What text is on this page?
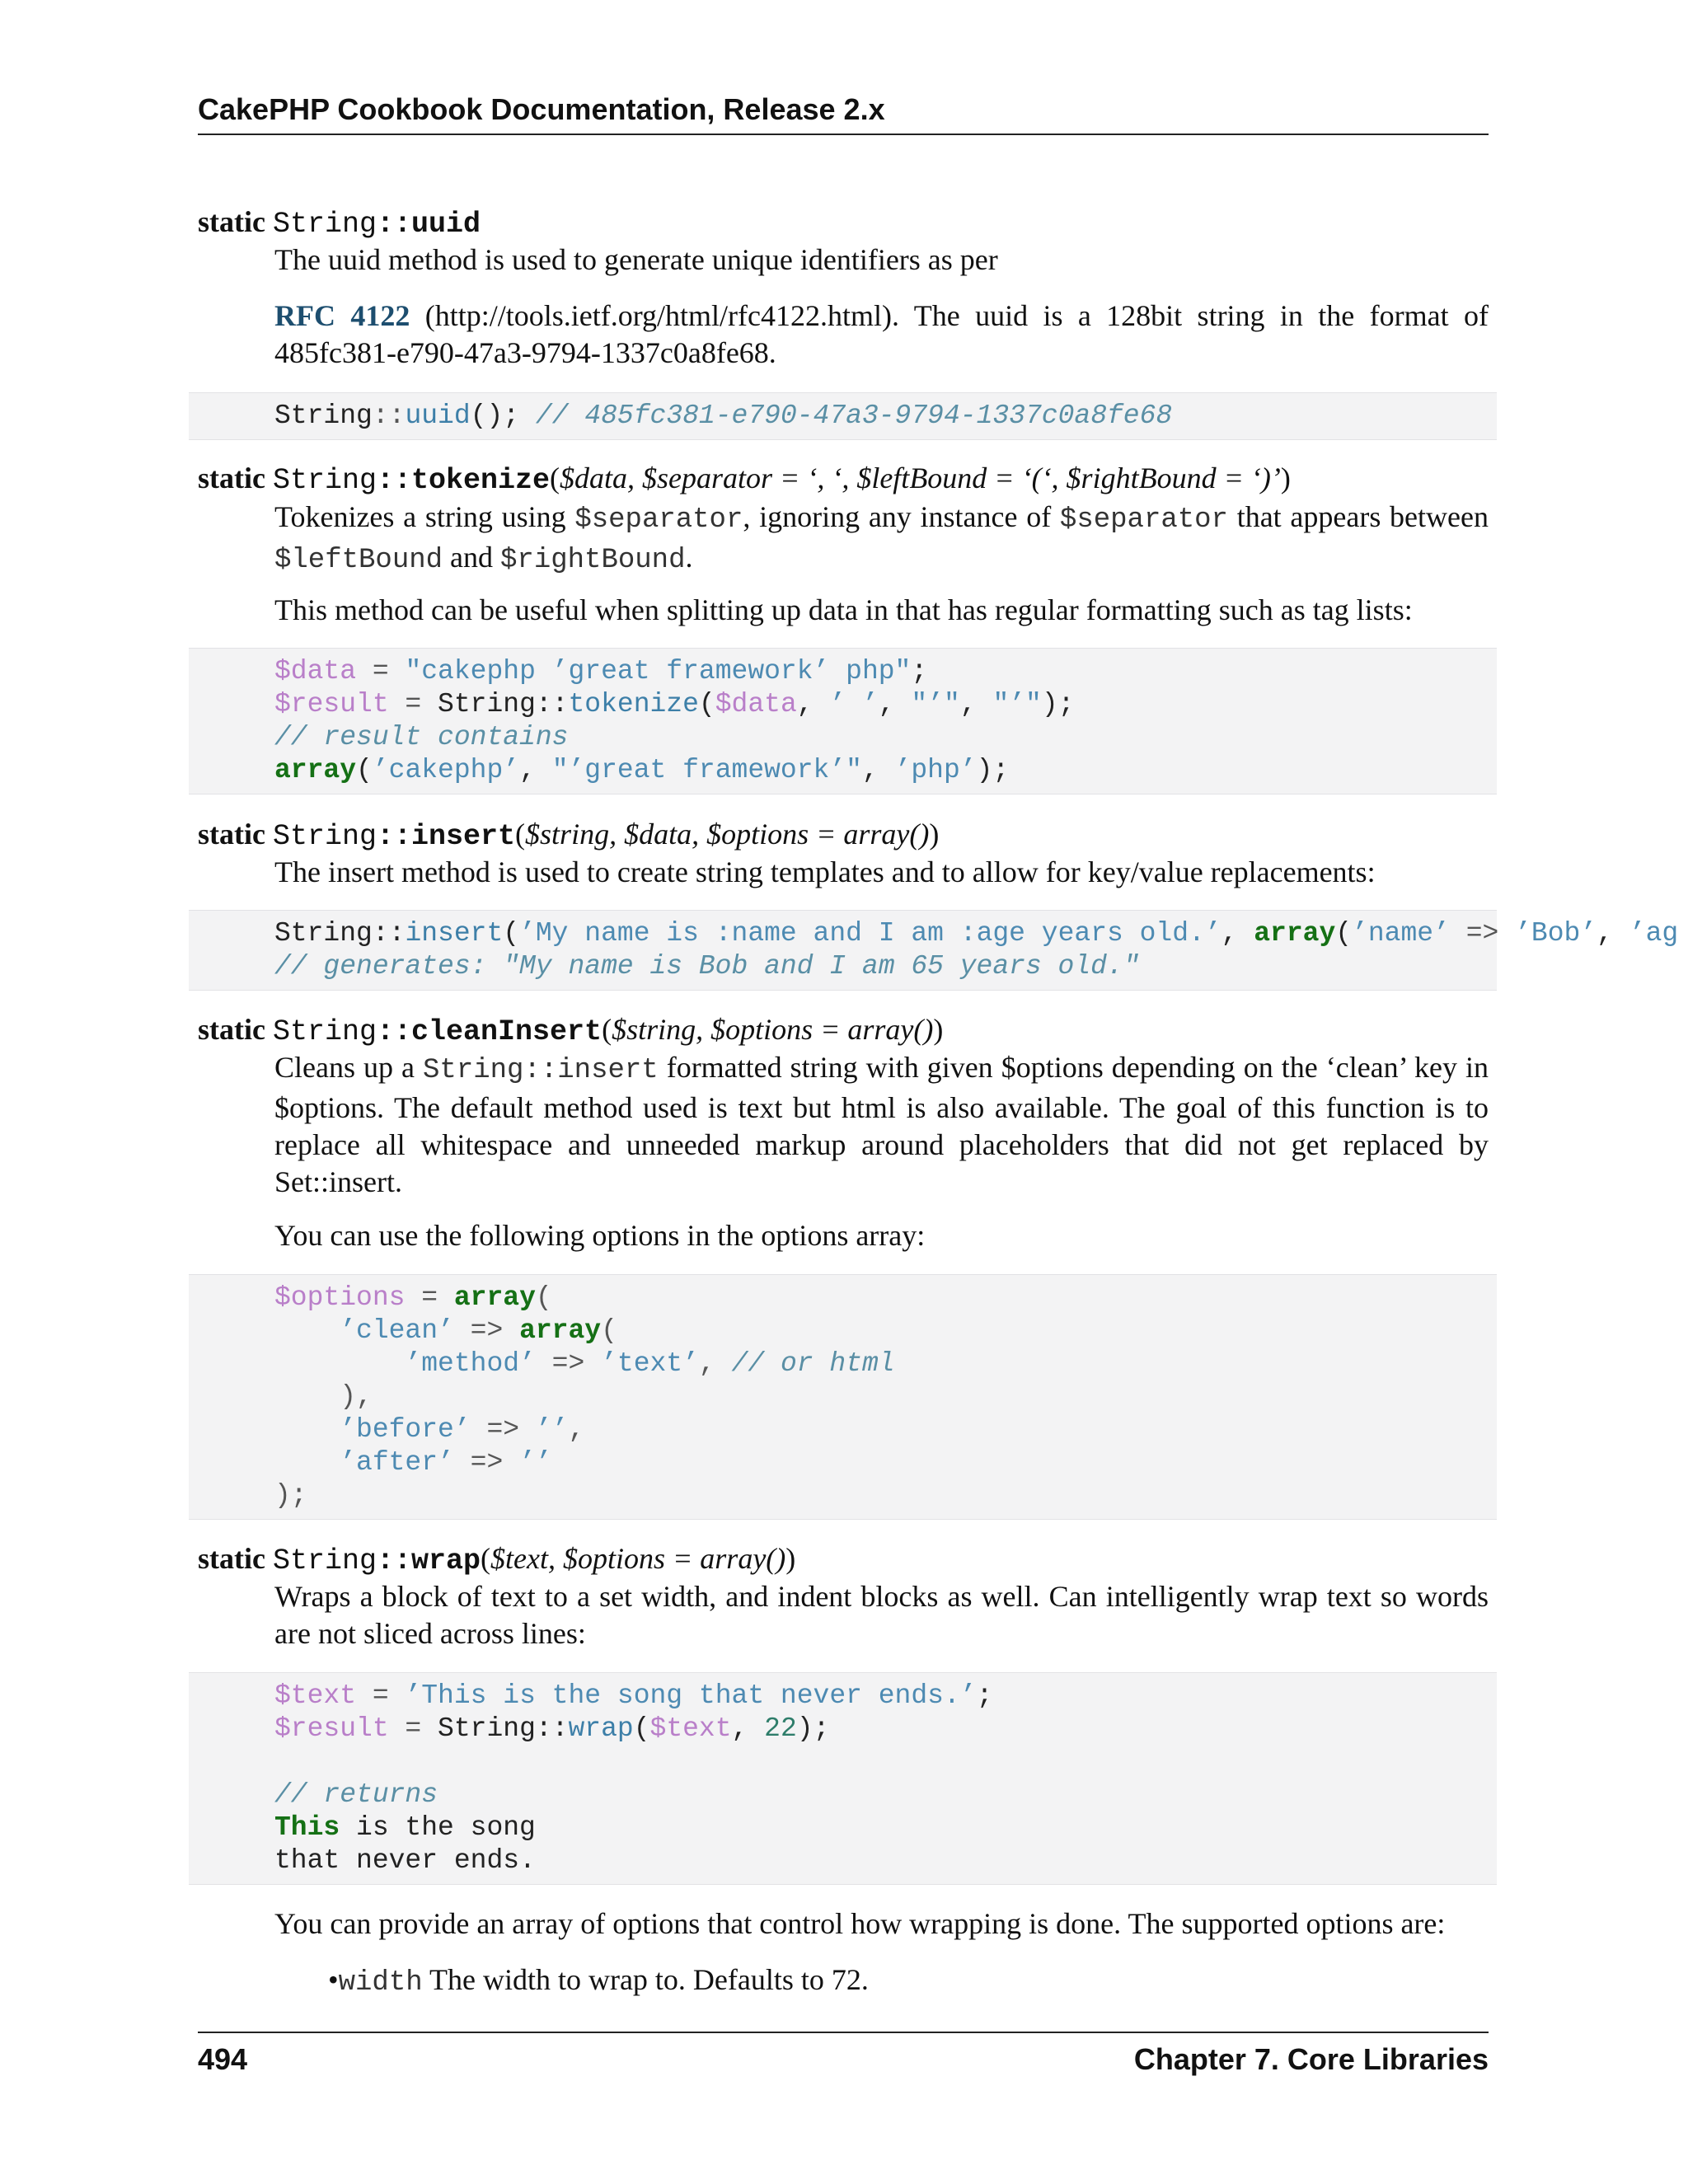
CakePHP Cookbook Documentation, Release 2.x
static String::uuid
The uuid method is used to generate unique identifiers as per
RFC 4122 (http://tools.ietf.org/html/rfc4122.html). The uuid is a 128bit string in the format of 485fc381-e790-47a3-9794-1337c0a8fe68.
String::uuid(); // 485fc381-e790-47a3-9794-1337c0a8fe68
static String::tokenize($data, $separator = ‘, ‘, $leftBound = ‘(‘, $rightBound = ‘)’)
Tokenizes a string using $separator, ignoring any instance of $separator that appears between $leftBound and $rightBound.
This method can be useful when splitting up data in that has regular formatting such as tag lists:
$data = "cakephp ’great framework’ php";
$result = String::tokenize($data, ’ ’, "’", "’");
// result contains
array(’cakephp’, "’great framework’", ’php’);
static String::insert($string, $data, $options = array())
The insert method is used to create string templates and to allow for key/value replacements:
String::insert(’My name is :name and I am :age years old.’, array(’name’ => ’Bob’, ’ag
// generates: "My name is Bob and I am 65 years old."
static String::cleanInsert($string, $options = array())
Cleans up a String::insert formatted string with given $options depending on the ‘clean’ key in $options. The default method used is text but html is also available. The goal of this function is to replace all whitespace and unneeded markup around placeholders that did not get replaced by Set::insert.
You can use the following options in the options array:
$options = array(
’clean’ => array(
’method’ => ’text’, // or html
),
’before’ => ’’,
’after’ => ’’
);
static String::wrap($text, $options = array())
Wraps a block of text to a set width, and indent blocks as well. Can intelligently wrap text so words are not sliced across lines:
$text = ’This is the song that never ends.’;
$result = String::wrap($text, 22);

// returns
This is the song
that never ends.
You can provide an array of options that control how wrapping is done. The supported options are:
•width The width to wrap to. Defaults to 72.
494	Chapter 7. Core Libraries
